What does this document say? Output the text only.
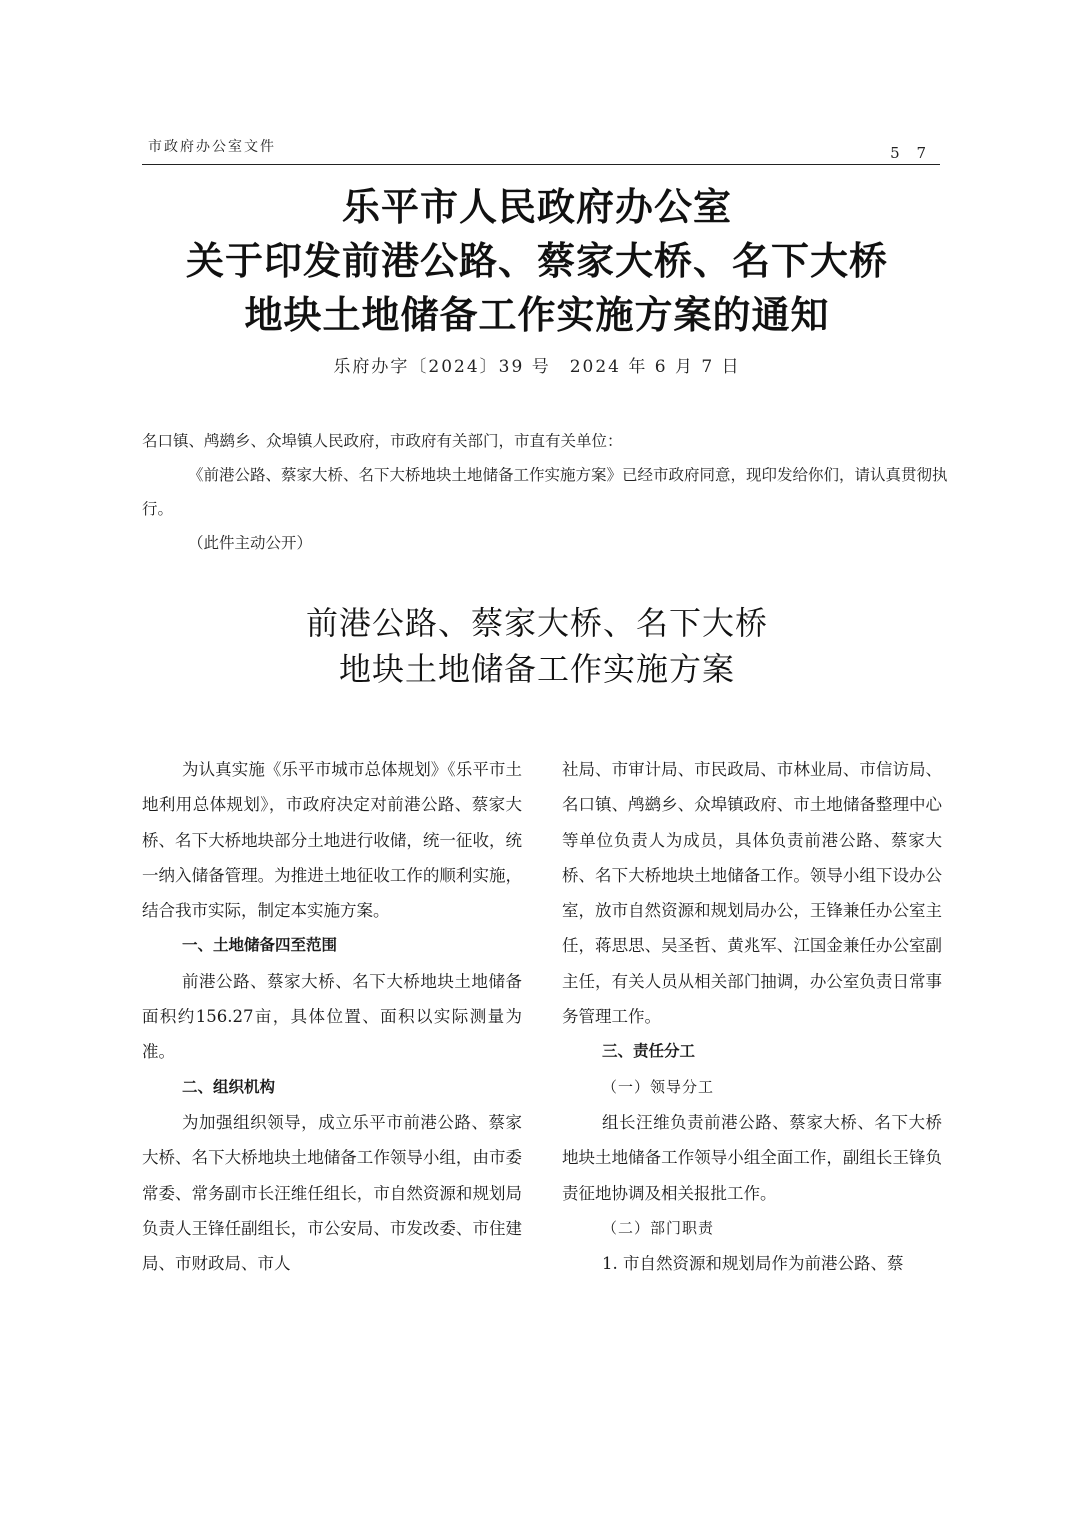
市政府办公室文件	5 7
乐平市人民政府办公室
关于印发前港公路、蔡家大桥、名下大桥
地块土地储备工作实施方案的通知
乐府办字〔2024〕39 号　2024 年 6 月 7 日

名口镇、鸬鹚乡、众埠镇人民政府，市政府有关部门，市直有关单位：

《前港公路、蔡家大桥、名下大桥地块土地储备工作实施方案》已经市政府同意，现印发给你们，请认真贯彻执行。

（此件主动公开）

前港公路、蔡家大桥、名下大桥
地块土地储备工作实施方案

为认真实施《乐平市城市总体规划》《乐平市土地利用总体规划》，市政府决定对前港公路、蔡家大桥、名下大桥地块部分土地进行收储，统一征收，统一纳入储备管理。为推进土地征收工作的顺利实施，结合我市实际，制定本实施方案。

一、土地储备四至范围

前港公路、蔡家大桥、名下大桥地块土地储备面积约156.27亩，具体位置、面积以实际测量为准。

二、组织机构

为加强组织领导，成立乐平市前港公路、蔡家大桥、名下大桥地块土地储备工作领导小组，由市委常委、常务副市长汪维任组长，市自然资源和规划局负责人王锋任副组长，市公安局、市发改委、市住建局、市财政局、市人

社局、市审计局、市民政局、市林业局、市信访局、名口镇、鸬鹚乡、众埠镇政府、市土地储备整理中心等单位负责人为成员，具体负责前港公路、蔡家大桥、名下大桥地块土地储备工作。领导小组下设办公室，放市自然资源和规划局办公，王锋兼任办公室主任，蒋思思、吴圣哲、黄兆军、江国金兼任办公室副主任，有关人员从相关部门抽调，办公室负责日常事务管理工作。

三、责任分工

（一）领导分工

组长汪维负责前港公路、蔡家大桥、名下大桥地块土地储备工作领导小组全面工作，副组长王锋负责征地协调及相关报批工作。

（二）部门职责

1. 市自然资源和规划局作为前港公路、蔡
